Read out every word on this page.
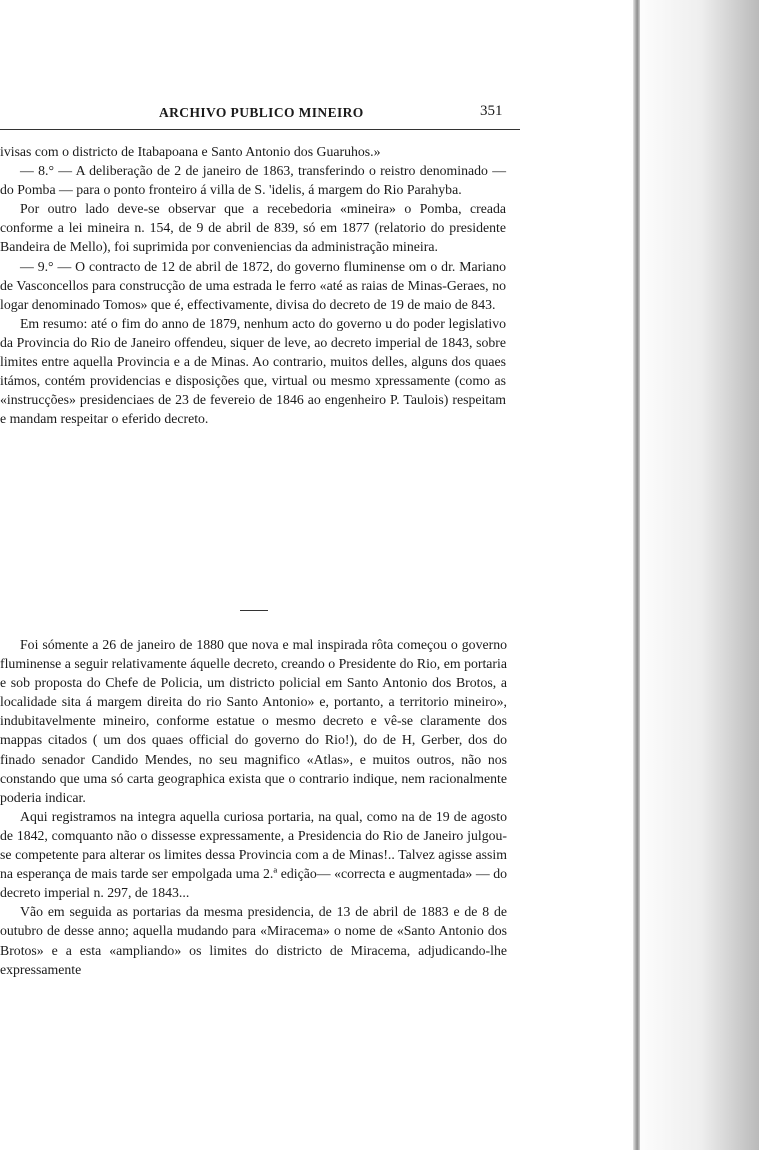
ARCHIVO PUBLICO MINEIRO	351

ivisas com o districto de Itabapoana e Santo Antonio dos Guaruhos.»

— 8.° — A deliberação de 2 de janeiro de 1863, transferindo o reistro denominado — do Pomba — para o ponto fronteiro á villa de S. 'idelis, á margem do Rio Parahyba.

Por outro lado deve-se observar que a recebedoria «mineira» o Pomba, creada conforme a lei mineira n. 154, de 9 de abril de 839, só em 1877 (relatorio do presidente Bandeira de Mello), foi suprimida por conveniencias da administração mineira.

— 9.° — O contracto de 12 de abril de 1872, do governo fluminense om o dr. Mariano de Vasconcellos para construcção de uma estrada le ferro «até as raias de Minas-Geraes, no logar denominado Tomos» que é, effectivamente, divisa do decreto de 19 de maio de 843.

Em resumo: até o fim do anno de 1879, nenhum acto do governo u do poder legislativo da Provincia do Rio de Janeiro offendeu, siquer de leve, ao decreto imperial de 1843, sobre limites entre aquella Provincia e a de Minas. Ao contrario, muitos delles, alguns dos quaes itámos, contém providencias e disposições que, virtual ou mesmo xpressamente (como as «instrucções» presidenciaes de 23 de fevereio de 1846 ao engenheiro P. Taulois) respeitam e mandam respeitar o eferido decreto.

Foi sómente a 26 de janeiro de 1880 que nova e mal inspirada rôta começou o governo fluminense a seguir relativamente áquelle decreto, creando o Presidente do Rio, em portaria e sob proposta do Chefe de Policia, um districto policial em Santo Antonio dos Brotos, a localidade sita á margem direita do rio Santo Antonio» e, portanto, a territorio mineiro», indubitavelmente mineiro, conforme estatue o mesmo decreto e vê-se claramente dos mappas citados ( um dos quaes official do governo do Rio!), do de H, Gerber, dos do finado senador Candido Mendes, no seu magnifico «Atlas», e muitos outros, não nos constando que uma só carta geographica exista que o contrario indique, nem racionalmente poderia indicar.

Aqui registramos na integra aquella curiosa portaria, na qual, como na de 19 de agosto de 1842, comquanto não o dissesse expressamente, a Presidencia do Rio de Janeiro julgou-se competente para alterar os limites dessa Provincia com a de Minas!.. Talvez agisse assim na esperança de mais tarde ser empolgada uma 2.ª edição— «correcta e augmentada» — do decreto imperial n. 297, de 1843...

Vão em seguida as portarias da mesma presidencia, de 13 de abril de 1883 e de 8 de outubro de desse anno; aquella mudando para «Miracema» o nome de «Santo Antonio dos Brotos» e a esta «ampliando» os limites do districto de Miracema, adjudicando-lhe expressamente
